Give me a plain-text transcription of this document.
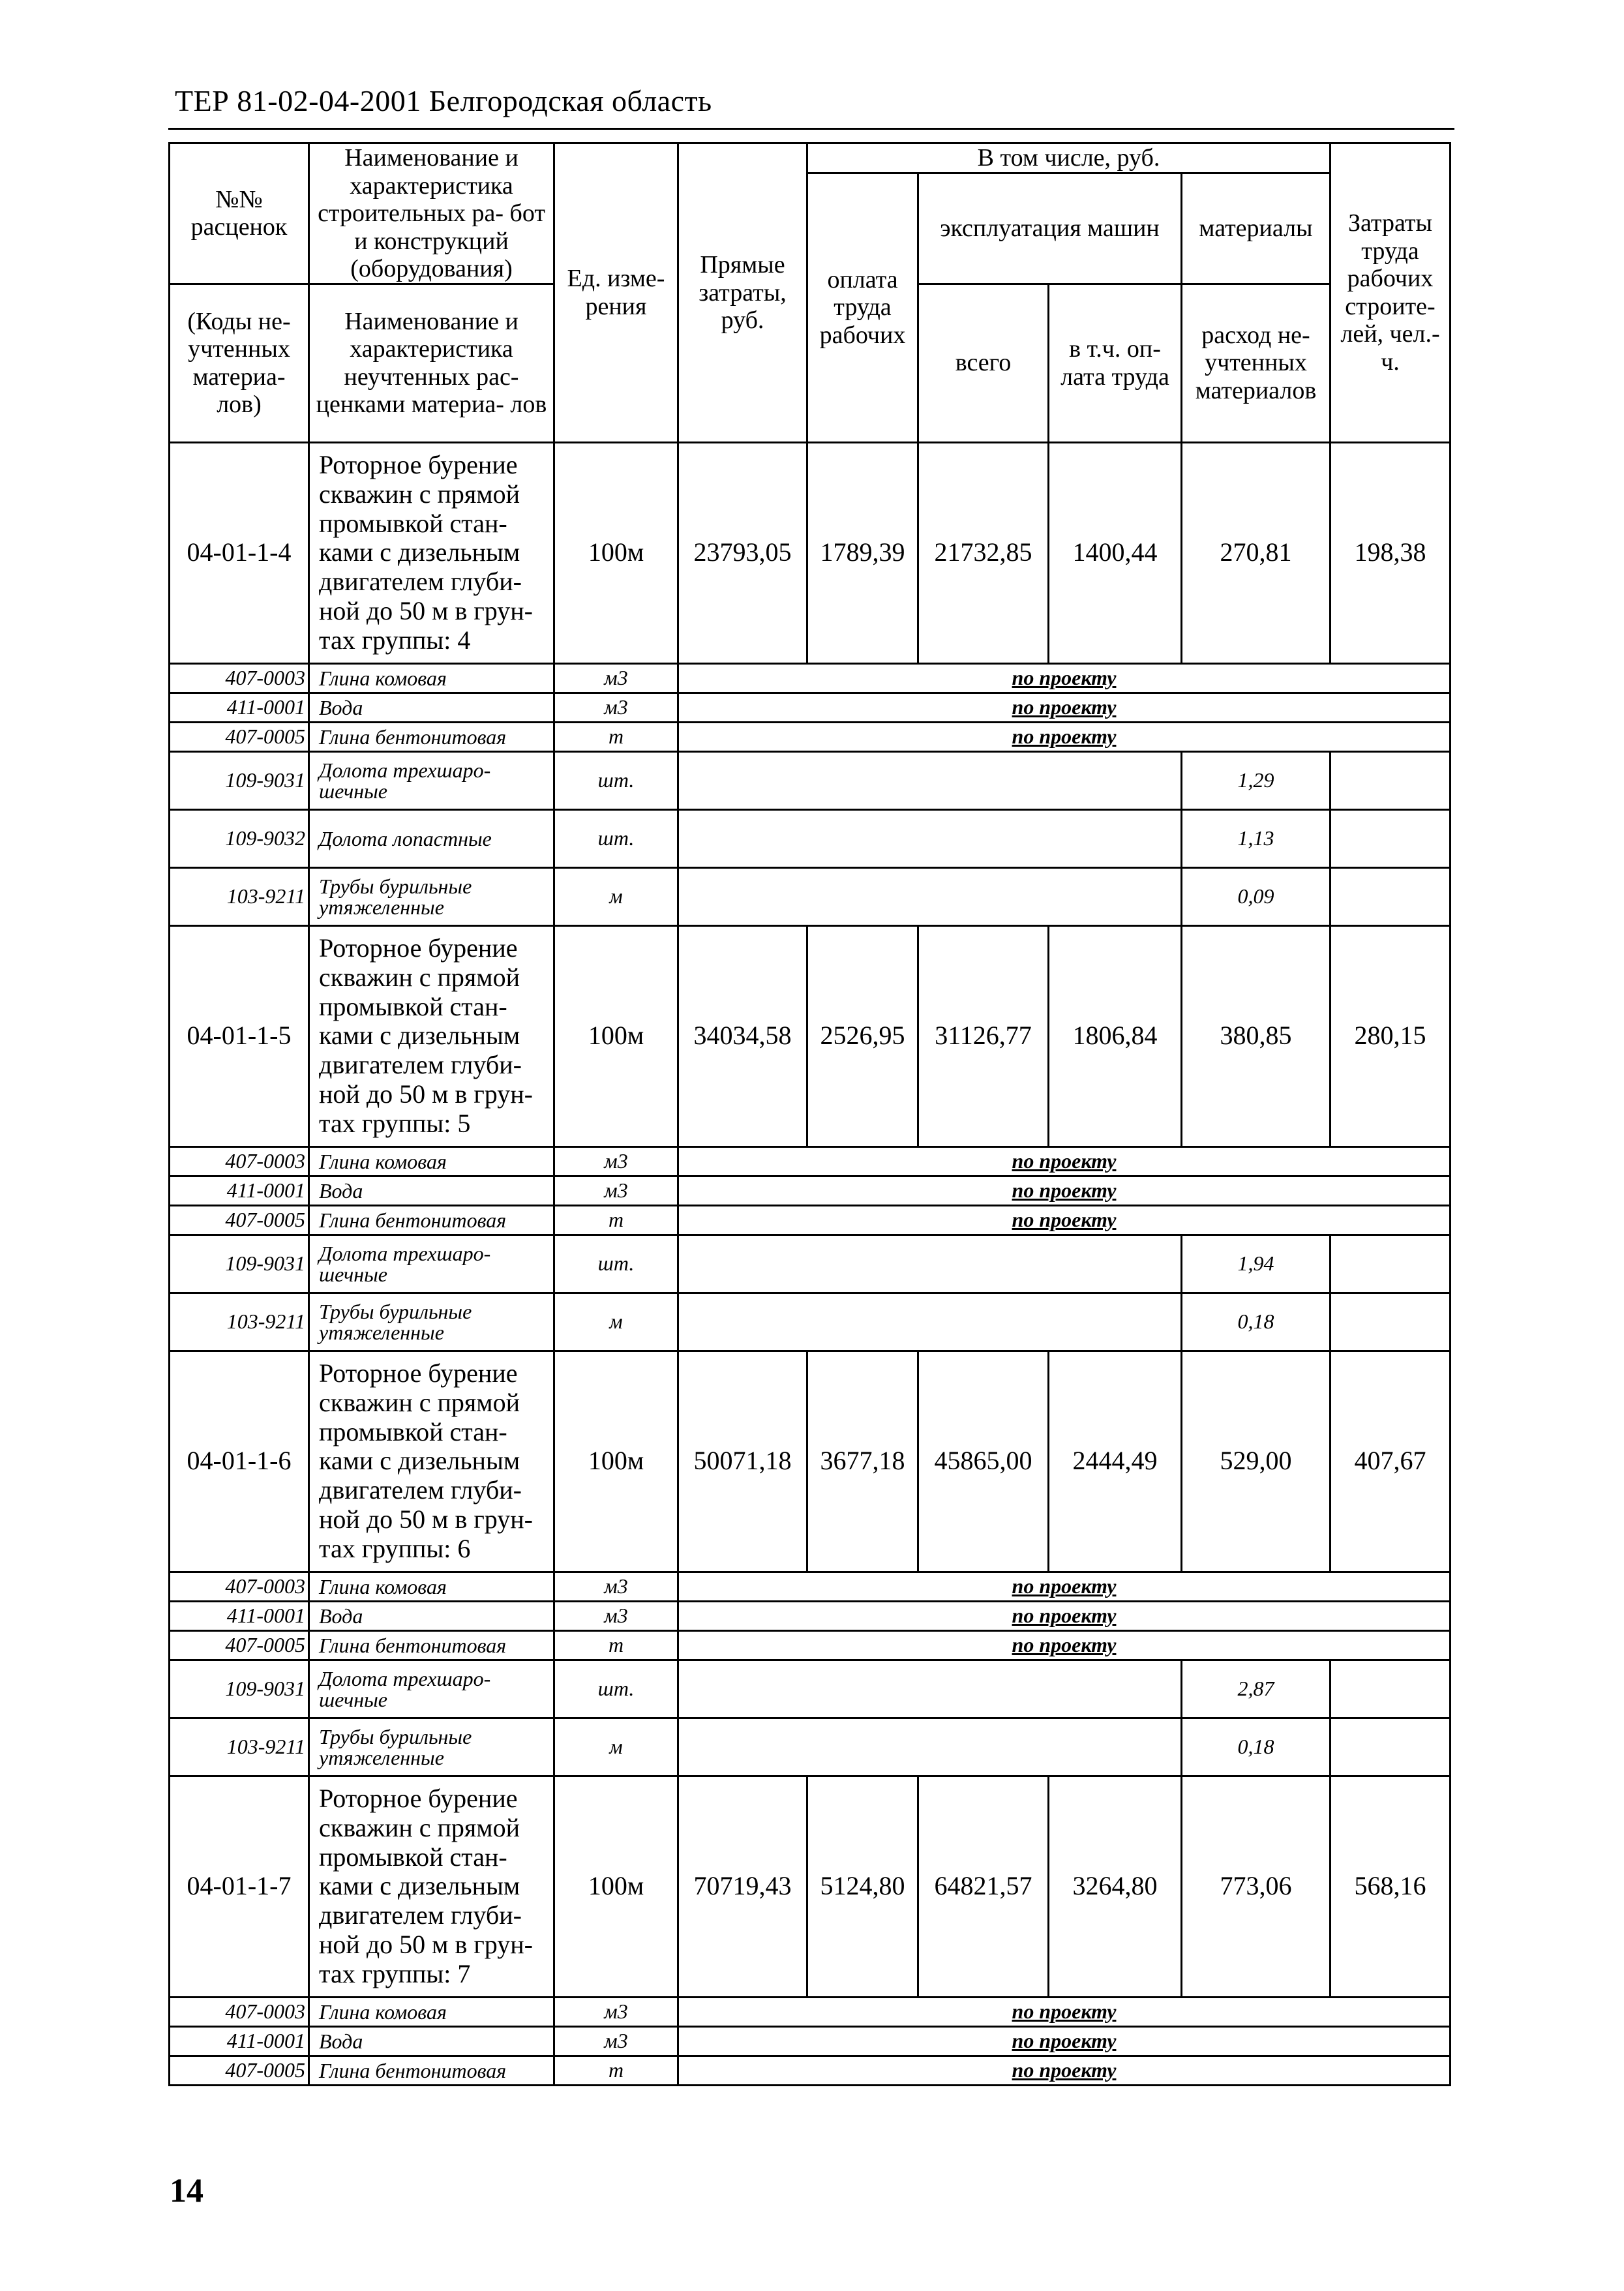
ТЕР 81-02-04-2001 Белгородская область
№№ расценок	Наименование и характеристика строительных ра- бот и конструкций (оборудования)	Ед. изме- рения	Прямые затраты, руб.	В том числе, руб.				Затраты труда рабочих строите- лей, чел.-ч.
				оплата труда рабочих	эксплуатация машин		материалы	
(Коды не- учтенных материа- лов)	Наименование и характеристика неучтенных рас- ценками материа- лов				всего	в т.ч. оп- лата труда	расход не- учтенных материалов	
04-01-1-4	Роторное бурение скважин с прямой промывкой стан- ками с дизельным двигателем глуби- ной до 50 м в грун- тах группы: 4	100м	23793,05	1789,39	21732,85	1400,44	270,81	198,38
407-0003	Глина комовая	м3	по проекту					
411-0001	Вода	м3	по проекту					
407-0005	Глина бентонитовая	т	по проекту					
109-9031	Долота трехшаро- шечные	шт.					1,29	
109-9032	Долота лопастные	шт.					1,13	
103-9211	Трубы бурильные утяжеленные	м					0,09	
04-01-1-5	Роторное бурение скважин с прямой промывкой стан- ками с дизельным двигателем глуби- ной до 50 м в грун- тах группы: 5	100м	34034,58	2526,95	31126,77	1806,84	380,85	280,15
407-0003	Глина комовая	м3	по проекту					
411-0001	Вода	м3	по проекту					
407-0005	Глина бентонитовая	т	по проекту					
109-9031	Долота трехшаро- шечные	шт.					1,94	
103-9211	Трубы бурильные утяжеленные	м					0,18	
04-01-1-6	Роторное бурение скважин с прямой промывкой стан- ками с дизельным двигателем глуби- ной до 50 м в грун- тах группы: 6	100м	50071,18	3677,18	45865,00	2444,49	529,00	407,67
407-0003	Глина комовая	м3	по проекту					
411-0001	Вода	м3	по проекту					
407-0005	Глина бентонитовая	т	по проекту					
109-9031	Долота трехшаро- шечные	шт.					2,87	
103-9211	Трубы бурильные утяжеленные	м					0,18	
04-01-1-7	Роторное бурение скважин с прямой промывкой стан- ками с дизельным двигателем глуби- ной до 50 м в грун- тах группы: 7	100м	70719,43	5124,80	64821,57	3264,80	773,06	568,16
407-0003	Глина комовая	м3	по проекту					
411-0001	Вода	м3	по проекту					
407-0005	Глина бентонитовая	т	по проекту					
14
